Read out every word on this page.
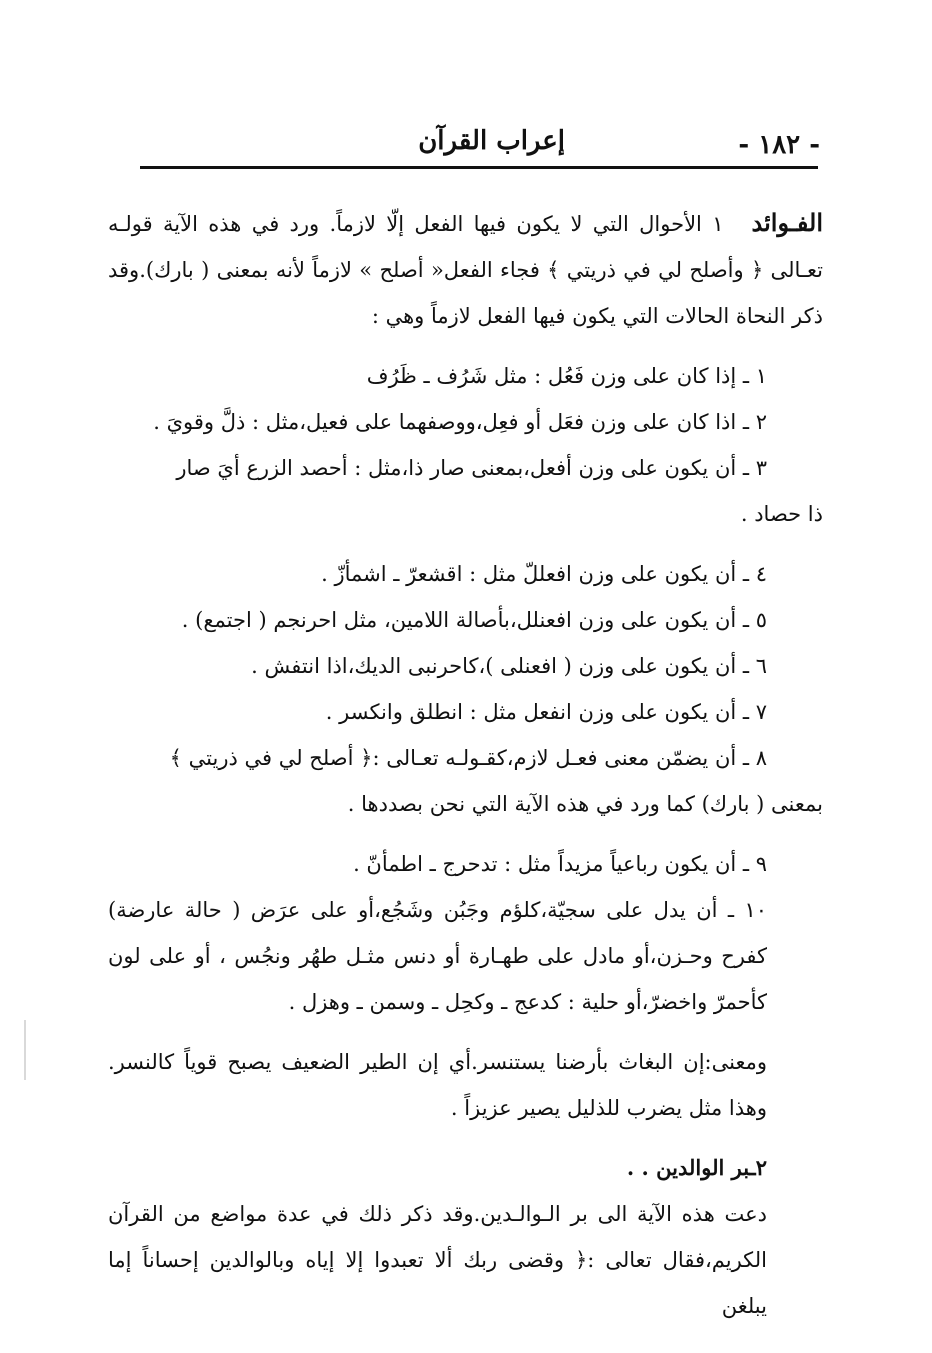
- ١٨٢ -
إعراب القرآن

الفـوائد١ الأحوال التي لا يكون فيها الفعل إلّا لازماً. ورد في هذه الآية قولـه تعـالى ﴿ وأصلح لي في ذريتي ﴾ فجاء الفعل« أصلح » لازماً لأنه بمعنى ( بارك).وقد ذكر النحاة الحالات التي يكون فيها الفعل لازماً وهي :

١ ـ إذا كان على وزن فَعُل : مثل شَرُف ـ ظَرُف

٢ ـ اذا كان على وزن فعَل أو فعِل،ووصفهما على فعيل،مثل : ذلَّ وقويَ .

٣ ـ أن يكون على وزن أفعل،بمعنى صار ذا،مثل : أحصد الزرع أيَ صار

ذا حصاد .

٤ ـ أن يكون على وزن افعللّ مثل : اقشعرّ ـ اشمأزّ .

٥ ـ أن يكون على وزن افعنلل،بأصالة اللامين، مثل احرنجم ( اجتمع) .

٦ ـ أن يكون على وزن ( افعنلى )،كاحرنبى الديك،اذا انتفش .

٧ ـ أن يكون على وزن انفعل مثل : انطلق وانكسر .

٨ ـ أن يضمّن معنى فعـل لازم،كقـولـه تعـالى :﴿ أصلح لي في ذريتي ﴾

بمعنى ( بارك) كما ورد في هذه الآية التي نحن بصددها .

٩ ـ أن يكون رباعياً مزيداً مثل : تدحرج ـ اطمأنّ .

١٠ ـ أن يدل على سجيّة،كلؤم وجَبُن وشَجُع،أو على عرَض ( حالة عارضة) كفرح وحـزن،أو مادل على طهـارة أو دنس مثـل طهُر ونجُس ، أو على لون كأحمرّ واخضرّ،أو حلية : كدعج ـ وكحِل ـ وسمن ـ وهزل .

ومعنى:إن البغاث بأرضنا يستنسر.أي إن الطير الضعيف يصبح قوياً كالنسر. وهذا مثل يضرب للذليل يصير عزيزاً .

٢ـبر الوالدين . .

دعت هذه الآية الى بر الـوالـدين.وقد ذكر ذلك في عدة مواضع من القرآن الكريم،فقال تعالى :﴿ وقضى ربك ألا تعبدوا إلا إياه وبالوالدين إحساناً إما يبلغن
